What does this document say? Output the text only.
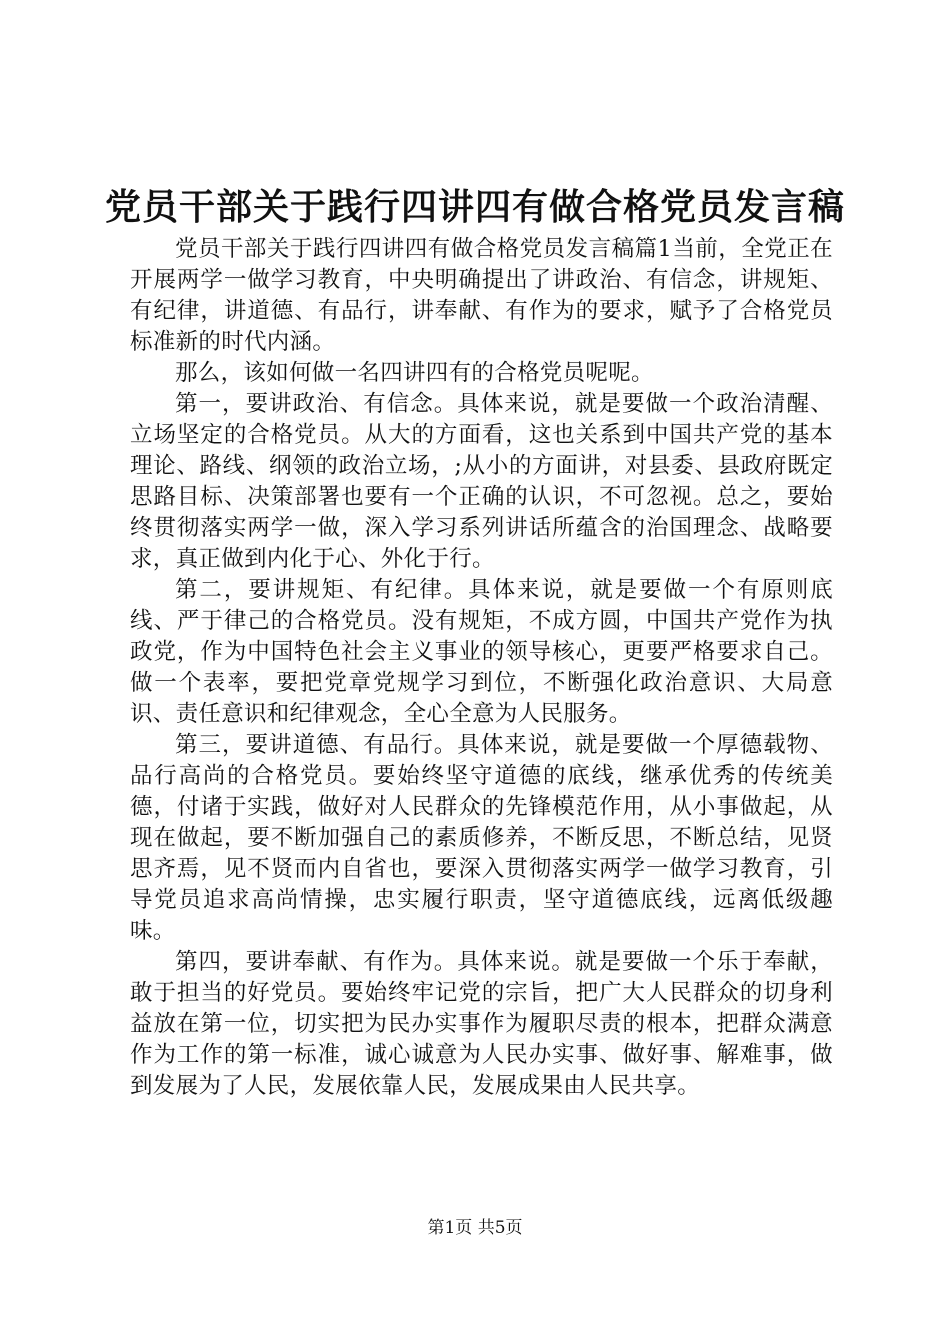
党员干部关于践行四讲四有做合格党员发言稿

党员干部关于践行四讲四有做合格党员发言稿篇1当前，全党正在开展两学一做学习教育，中央明确提出了讲政治、有信念，讲规矩、有纪律，讲道德、有品行，讲奉献、有作为的要求，赋予了合格党员标准新的时代内涵。

那么，该如何做一名四讲四有的合格党员呢呢。

第一，要讲政治、有信念。具体来说，就是要做一个政治清醒、立场坚定的合格党员。从大的方面看，这也关系到中国共产党的基本理论、路线、纲领的政治立场，;从小的方面讲，对县委、县政府既定思路目标、决策部署也要有一个正确的认识，不可忽视。总之，要始终贯彻落实两学一做，深入学习系列讲话所蕴含的治国理念、战略要求，真正做到内化于心、外化于行。

第二，要讲规矩、有纪律。具体来说，就是要做一个有原则底线、严于律己的合格党员。没有规矩，不成方圆，中国共产党作为执政党，作为中国特色社会主义事业的领导核心，更要严格要求自己。做一个表率，要把党章党规学习到位，不断强化政治意识、大局意识、责任意识和纪律观念，全心全意为人民服务。

第三，要讲道德、有品行。具体来说，就是要做一个厚德载物、品行高尚的合格党员。要始终坚守道德的底线，继承优秀的传统美德，付诸于实践，做好对人民群众的先锋模范作用，从小事做起，从现在做起，要不断加强自己的素质修养，不断反思，不断总结，见贤思齐焉，见不贤而内自省也，要深入贯彻落实两学一做学习教育，引导党员追求高尚情操，忠实履行职责，坚守道德底线，远离低级趣味。

第四，要讲奉献、有作为。具体来说。就是要做一个乐于奉献，敢于担当的好党员。要始终牢记党的宗旨，把广大人民群众的切身利益放在第一位，切实把为民办实事作为履职尽责的根本，把群众满意作为工作的第一标准，诚心诚意为人民办实事、做好事、解难事，做到发展为了人民，发展依靠人民，发展成果由人民共享。

第1页 共5页
